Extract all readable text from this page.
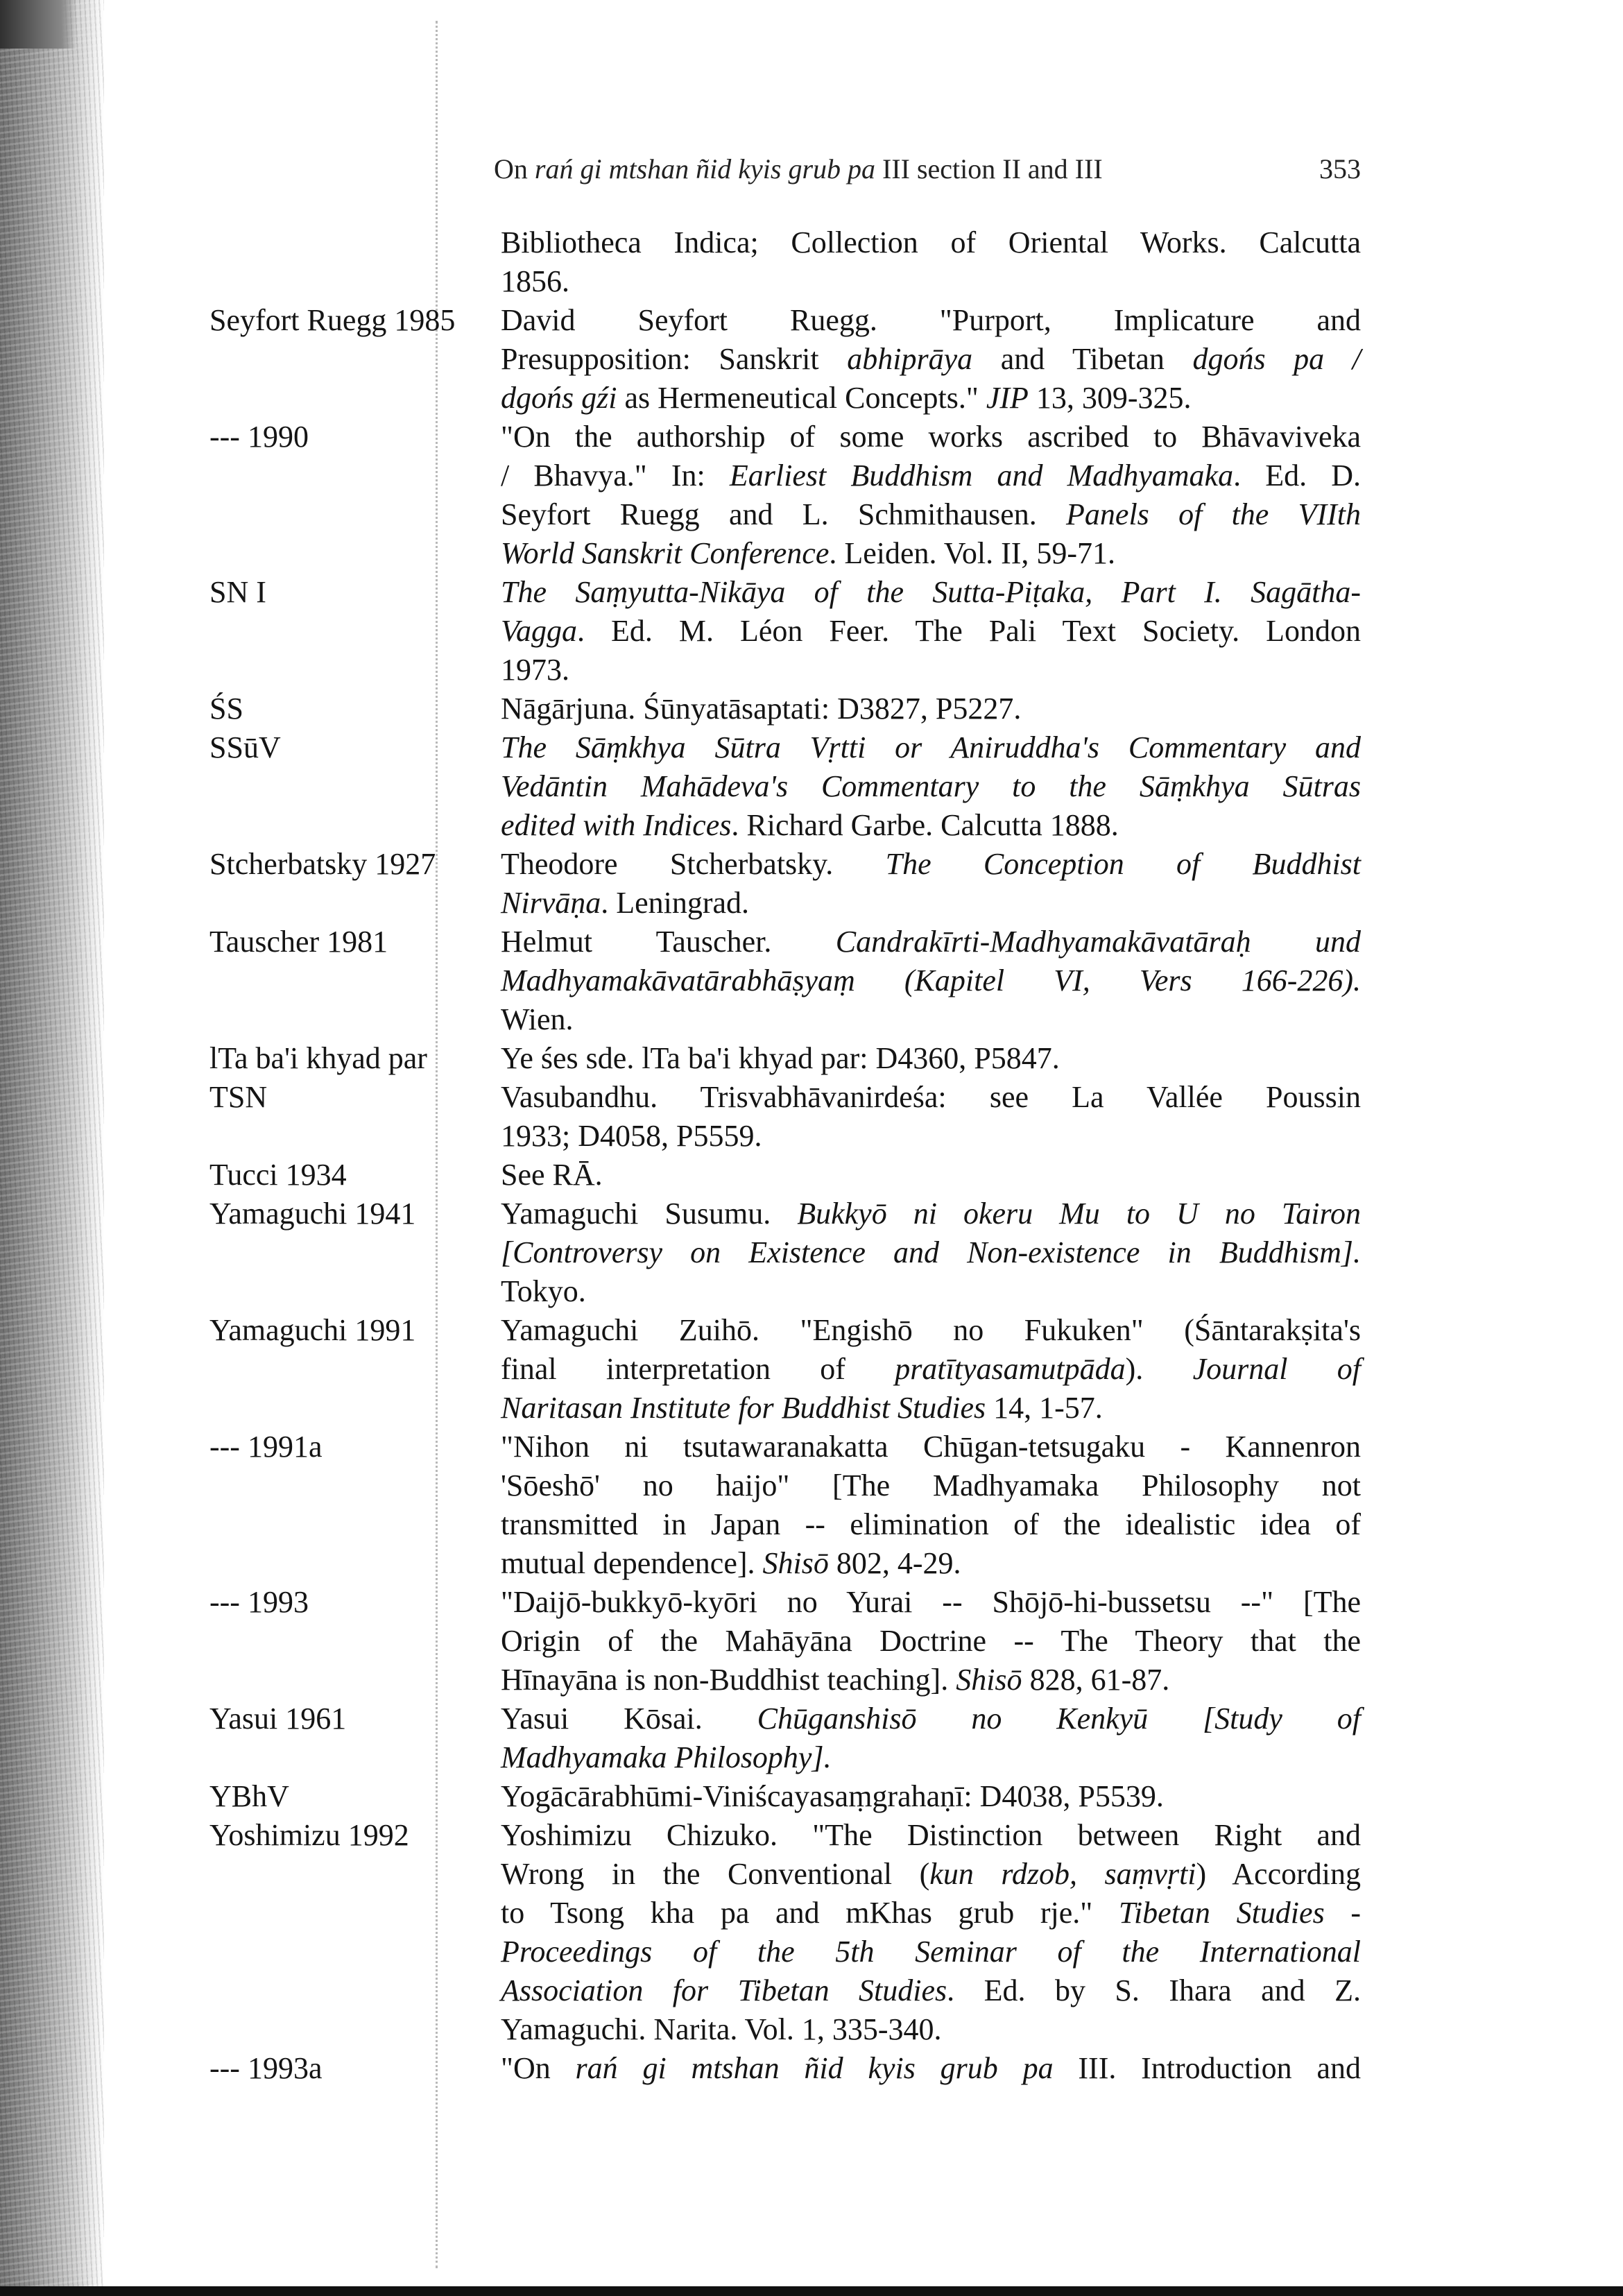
On rań gi mtshan ñid kyis grub pa III section II and III	353
Bibliotheca Indica; Collection of Oriental Works. Calcutta
1856.
Seyfort Ruegg 1985	David Seyfort Ruegg. "Purport, Implicature and
Presupposition: Sanskrit abhiprāya and Tibetan dgońs pa /
dgońs gźi as Hermeneutical Concepts." JIP 13, 309-325.
--- 1990	"On the authorship of some works ascribed to Bhāvaviveka
/ Bhavya." In: Earliest Buddhism and Madhyamaka. Ed. D.
Seyfort Ruegg and L. Schmithausen. Panels of the VIIth
World Sanskrit Conference. Leiden. Vol. II, 59-71.
SN I	The Saṃyutta-Nikāya of the Sutta-Piṭaka, Part I. Sagātha-
Vagga. Ed. M. Léon Feer. The Pali Text Society. London
1973.
ŚS	Nāgārjuna. Śūnyatāsaptati: D3827, P5227.
SSūV	The Sāṃkhya Sūtra Vṛtti or Aniruddha's Commentary and
Vedāntin Mahādeva's Commentary to the Sāṃkhya Sūtras
edited with Indices. Richard Garbe. Calcutta 1888.
Stcherbatsky 1927	Theodore Stcherbatsky. The Conception of Buddhist
Nirvāṇa. Leningrad.
Tauscher 1981	Helmut Tauscher. Candrakīrti-Madhyamakāvatāraḥ und
Madhyamakāvatārabhāṣyaṃ (Kapitel VI, Vers 166-226).
Wien.
lTa ba'i khyad par	Ye śes sde. lTa ba'i khyad par: D4360, P5847.
TSN	Vasubandhu. Trisvabhāvanirdeśa: see La Vallée Poussin
1933; D4058, P5559.
Tucci 1934	See RĀ.
Yamaguchi 1941	Yamaguchi Susumu. Bukkyō ni okeru Mu to U no Tairon
[Controversy on Existence and Non-existence in Buddhism].
Tokyo.
Yamaguchi 1991	Yamaguchi Zuihō. "Engishō no Fukuken" (Śāntarakṣita's
final interpretation of pratītyasamutpāda). Journal of
Naritasan Institute for Buddhist Studies 14, 1-57.
--- 1991a	"Nihon ni tsutawaranakatta Chūgan-tetsugaku - Kannenron
'Sōeshō' no haijo" [The Madhyamaka Philosophy not
transmitted in Japan -- elimination of the idealistic idea of
mutual dependence]. Shisō 802, 4-29.
--- 1993	"Daijō-bukkyō-kyōri no Yurai -- Shōjō-hi-bussetsu --" [The
Origin of the Mahāyāna Doctrine -- The Theory that the
Hīnayāna is non-Buddhist teaching]. Shisō 828, 61-87.
Yasui 1961	Yasui Kōsai. Chūganshisō no Kenkyū [Study of
Madhyamaka Philosophy].
YBhV	Yogācārabhūmi-Viniścayasaṃgrahaṇī: D4038, P5539.
Yoshimizu 1992	Yoshimizu Chizuko. "The Distinction between Right and
Wrong in the Conventional (kun rdzob, saṃvṛti) According
to Tsong kha pa and mKhas grub rje." Tibetan Studies -
Proceedings of the 5th Seminar of the International
Association for Tibetan Studies. Ed. by S. Ihara and Z.
Yamaguchi. Narita. Vol. 1, 335-340.
--- 1993a	"On rań gi mtshan ñid kyis grub pa III. Introduction and
